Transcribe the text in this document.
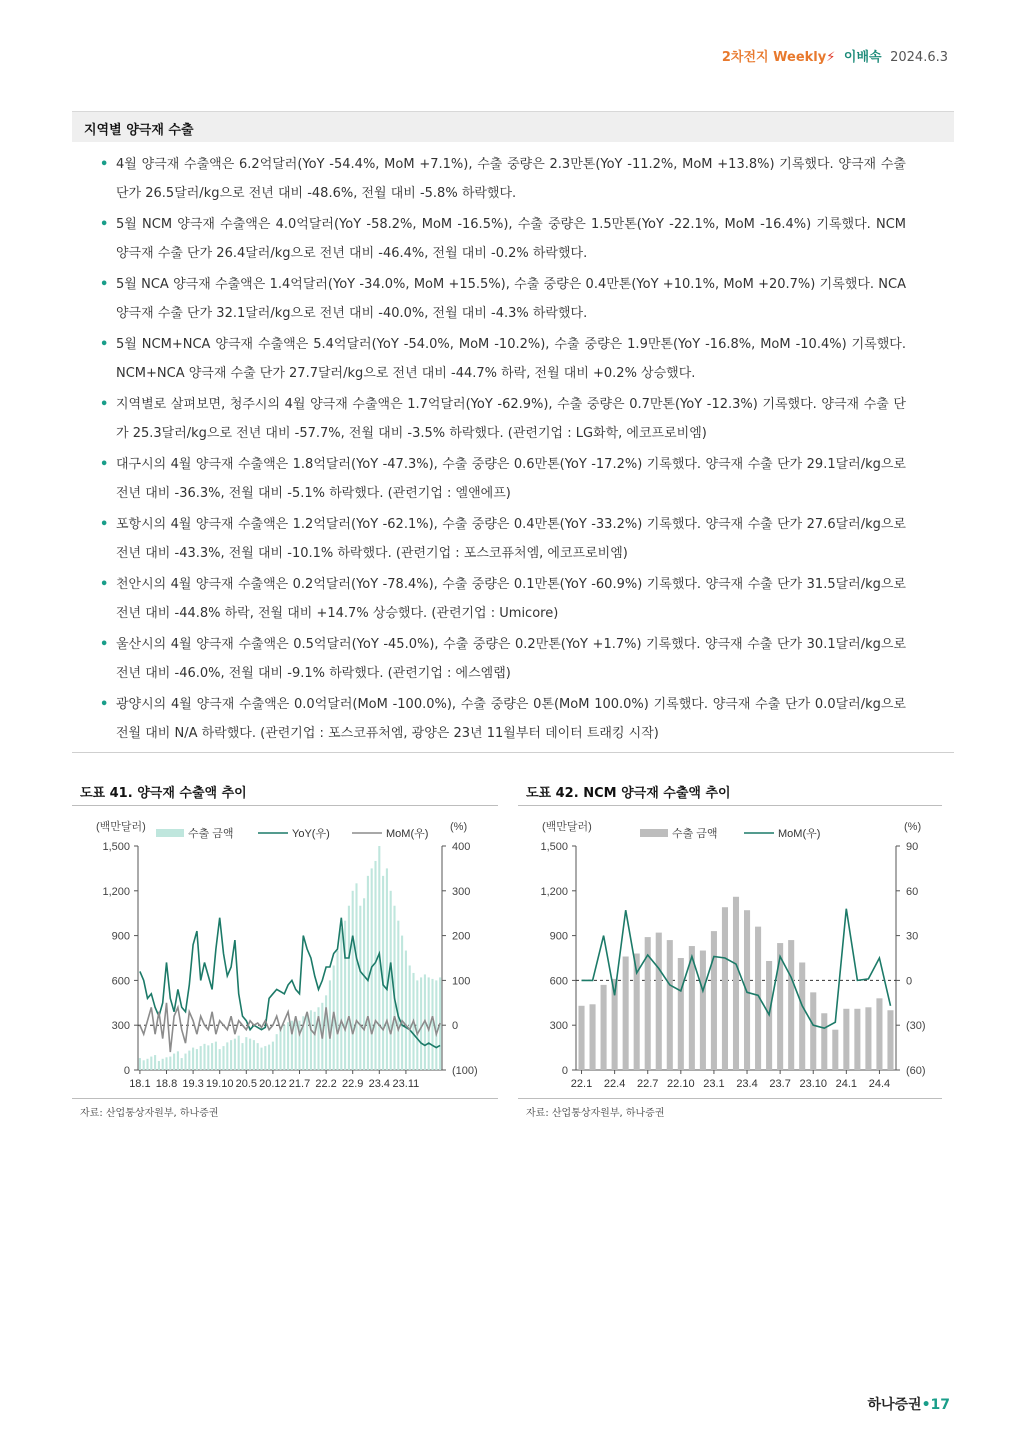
2차전지 Weekly⚡ 이배속 2024.6.3
지역별 양극재 수출
• 4월 양극재 수출액은 6.2억달러(YoY -54.4%, MoM +7.1%), 수출 중량은 2.3만톤(YoY -11.2%, MoM +13.8%) 기록했다. 양극재 수출 단가 26.5달러/kg으로 전년 대비 -48.6%, 전월 대비 -5.8% 하락했다.
• 5월 NCM 양극재 수출액은 4.0억달러(YoY -58.2%, MoM -16.5%), 수출 중량은 1.5만톤(YoY -22.1%, MoM -16.4%) 기록했다. NCM 양극재 수출 단가 26.4달러/kg으로 전년 대비 -46.4%, 전월 대비 -0.2% 하락했다.
• 5월 NCA 양극재 수출액은 1.4억달러(YoY -34.0%, MoM +15.5%), 수출 중량은 0.4만톤(YoY +10.1%, MoM +20.7%) 기록했다. NCA 양극재 수출 단가 32.1달러/kg으로 전년 대비 -40.0%, 전월 대비 -4.3% 하락했다.
• 5월 NCM+NCA 양극재 수출액은 5.4억달러(YoY -54.0%, MoM -10.2%), 수출 중량은 1.9만톤(YoY -16.8%, MoM -10.4%) 기록했다. NCM+NCA 양극재 수출 단가 27.7달러/kg으로 전년 대비 -44.7% 하락, 전월 대비 +0.2% 상승했다.
• 지역별로 살펴보면, 청주시의 4월 양극재 수출액은 1.7억달러(YoY -62.9%), 수출 중량은 0.7만톤(YoY -12.3%) 기록했다. 양극재 수출 단가 25.3달러/kg으로 전년 대비 -57.7%, 전월 대비 -3.5% 하락했다. (관련기업 : LG화학, 에코프로비엠)
• 대구시의 4월 양극재 수출액은 1.8억달러(YoY -47.3%), 수출 중량은 0.6만톤(YoY -17.2%) 기록했다. 양극재 수출 단가 29.1달러/kg으로 전년 대비 -36.3%, 전월 대비 -5.1% 하락했다. (관련기업 : 엘앤에프)
• 포항시의 4월 양극재 수출액은 1.2억달러(YoY -62.1%), 수출 중량은 0.4만톤(YoY -33.2%) 기록했다. 양극재 수출 단가 27.6달러/kg으로 전년 대비 -43.3%, 전월 대비 -10.1% 하락했다. (관련기업 : 포스코퓨처엠, 에코프로비엠)
• 천안시의 4월 양극재 수출액은 0.2억달러(YoY -78.4%), 수출 중량은 0.1만톤(YoY -60.9%) 기록했다. 양극재 수출 단가 31.5달러/kg으로 전년 대비 -44.8% 하락, 전월 대비 +14.7% 상승했다. (관련기업 : Umicore)
• 울산시의 4월 양극재 수출액은 0.5억달러(YoY -45.0%), 수출 중량은 0.2만톤(YoY +1.7%) 기록했다. 양극재 수출 단가 30.1달러/kg으로 전년 대비 -46.0%, 전월 대비 -9.1% 하락했다. (관련기업 : 에스엠랩)
• 광양시의 4월 양극재 수출액은 0.0억달러(MoM -100.0%), 수출 중량은 0톤(MoM 100.0%) 기록했다. 양극재 수출 단가 0.0달러/kg으로 전월 대비 N/A 하락했다. (관련기업 : 포스코퓨처엠, 광양은 23년 11월부터 데이터 트래킹 시작)
도표 41. 양극재 수출액 추이
(백만달러)	(%)
0
300
600
900
1,200
1,500
(100)
0
100
200
300
400
18.1 18.8 19.3 19.10 20.5 20.12 21.7 22.2 22.9 23.4 23.11
수출 금액	YoY(우)	MoM(우)
자료: 산업통상자원부, 하나증권
도표 42. NCM 양극재 수출액 추이
(백만달러)	(%)
0
300
600
900
1,200
1,500
(60)
(30)
0
30
60
90
22.1 22.4 22.7 22.10 23.1 23.4 23.7 23.10 24.1 24.4
수출 금액	MoM(우)
자료: 산업통상자원부, 하나증권
하나증권•17
